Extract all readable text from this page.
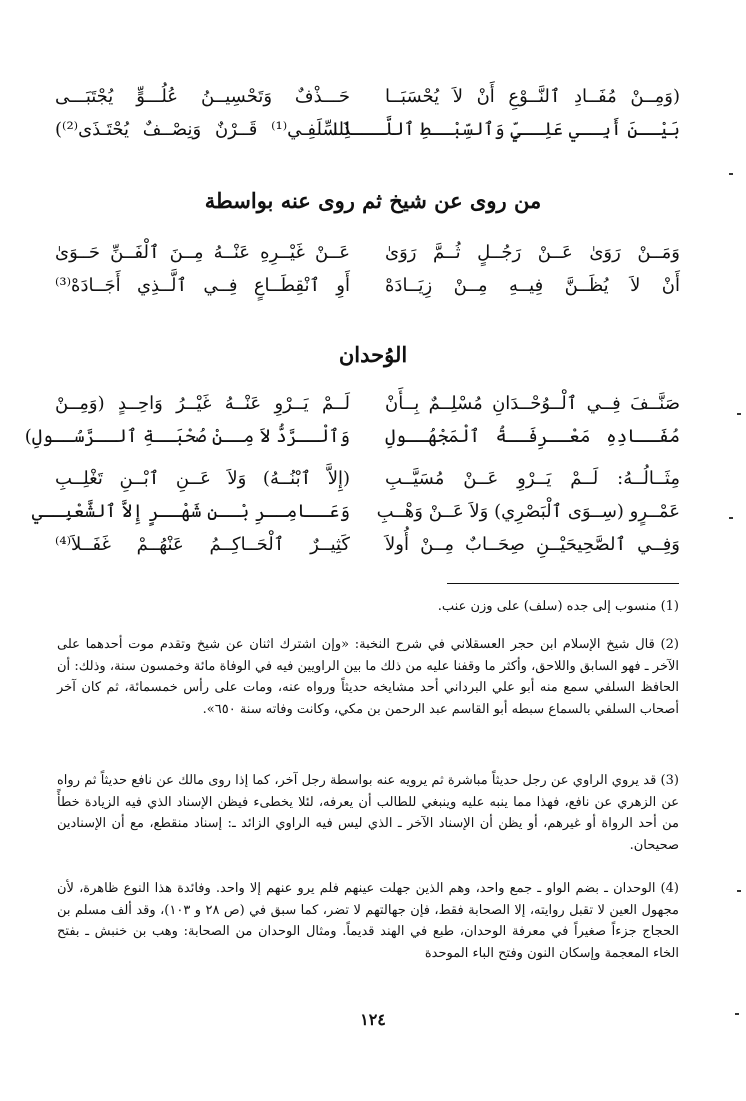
(وَمِــنْ مُفَــادِ ٱلنَّــوْعِ أَنْ لاَ يُحْسَبَــا
حَـــذْفٌ وَتَحْسِيــنُ عُلُـــوٍّ يُجْتَبَـــى
بَيْــنَ أَبِــي عَلِــيٍّ وَٱلسِّبْــطِ ٱللَّـــذَا
لِلسِّلَفِـي⁽¹⁾ قَــرْنٌ وَنِصْــفٌ يُحْتَـذَى⁽²⁾)
من روى عن شيخ ثم روى عنه بواسطة
وَمَــنْ رَوَىٰ عَــنْ رَجُــلٍ ثُــمَّ رَوَىٰ
عَــنْ غَيْــرِهِ عَنْــهُ مِــنَ ٱلْفَــنِّ حَــوَىٰ
أَنْ لاَ يُظَــنَّ فِيــهِ مِــنْ زِيَــادَهْ
أَوِ ٱنْقِطَــاعٍ فِــي ٱلَّــذِي أَجَــادَهْ⁽³⁾
الوُحدان
صَنَّــفَ فِــي ٱلْــوُحْــدَانِ مُسْلِــمٌ بِــأَنْ
لَــمْ يَــرْوِ عَنْــهُ غَيْــرُ وَاحِــدٍ (وَمِــنْ
مُفَــادِهِ مَعْــرِفَــةُ ٱلْمَجْهُــولِ
وَٱلْــرَّدُّ لاَ مِــنْ صُحْبَــةِ ٱلــرَّسُــولِ)
مِثَــالُــهُ: لَــمْ يَــرْوِ عَــنْ مُسَيَّــبِ
(إِلاَّ ٱبْنُــهُ) وَلاَ عَــنِ ٱبْــنِ تَغْلِــبِ
عَمْــرٍو (سِــوَى ٱلْبَصْرِي) وَلاَ عَــنْ وَهْــبِ
وَعَــامِــرِ بْــنِ شَهْــرٍ إِلاَّ ٱلشَّعْبِــي
وَفِــي ٱلصَّحِيحَيْــنِ صِحَــابٌ مِــنْ أُولاَ
كَثِيــرٌ ٱلْحَــاكِــمُ عَنْهُــمْ غَفَــلاَ⁽⁴⁾

(1) منسوب إلى جده (سلف) على وزن عنب.

(2) قال شيخ الإسلام ابن حجر العسقلاني في شرح النخبة: «وإن اشترك اثنان عن شيخ وتقدم موت أحدهما على الآخر ـ فهو السابق واللاحق، وأكثر ما وقفنا عليه من ذلك ما بين الراويين فيه في الوفاة مائة وخمسون سنة، وذلك: أن الحافظ السلفي سمع منه أبو علي البرداني أحد مشايخه حديثاً ورواه عنه، ومات على رأس خمسمائة، ثم كان آخر أصحاب السلفي بالسماع سبطه أبو القاسم عبد الرحمن بن مكي، وكانت وفاته سنة ٦٥٠».

(3) قد يروي الراوي عن رجل حديثاً مباشرة ثم يرويه عنه بواسطة رجل آخر، كما إذا روى مالك عن نافع حديثاً ثم رواه عن الزهري عن نافع، فهذا مما ينبه عليه وينبغي للطالب أن يعرفه، لئلا يخطىء فيظن الإسناد الذي فيه الزيادة خطأً من أحد الرواة أو غيرهم، أو يظن أن الإسناد الآخر ـ الذي ليس فيه الراوي الزائد ـ: إسناد منقطع، مع أن الإسنادين صحيحان.

(4) الوحدان ـ بضم الواو ـ جمع واحد، وهم الذين جهلت عينهم فلم يرو عنهم إلا واحد. وفائدة هذا النوع ظاهرة، لأن مجهول العين لا تقبل روايته، إلا الصحابة فقط، فإن جهالتهم لا تضر، كما سبق في (ص ٢٨ و ١٠٣)، وقد ألف مسلم بن الحجاج جزءاً صغيراً في معرفة الوحدان، طبع في الهند قديماً. ومثال الوحدان من الصحابة: وهب بن خنبش ـ بفتح الخاء المعجمة وإسكان النون وفتح الباء الموحدة

١٢٤
